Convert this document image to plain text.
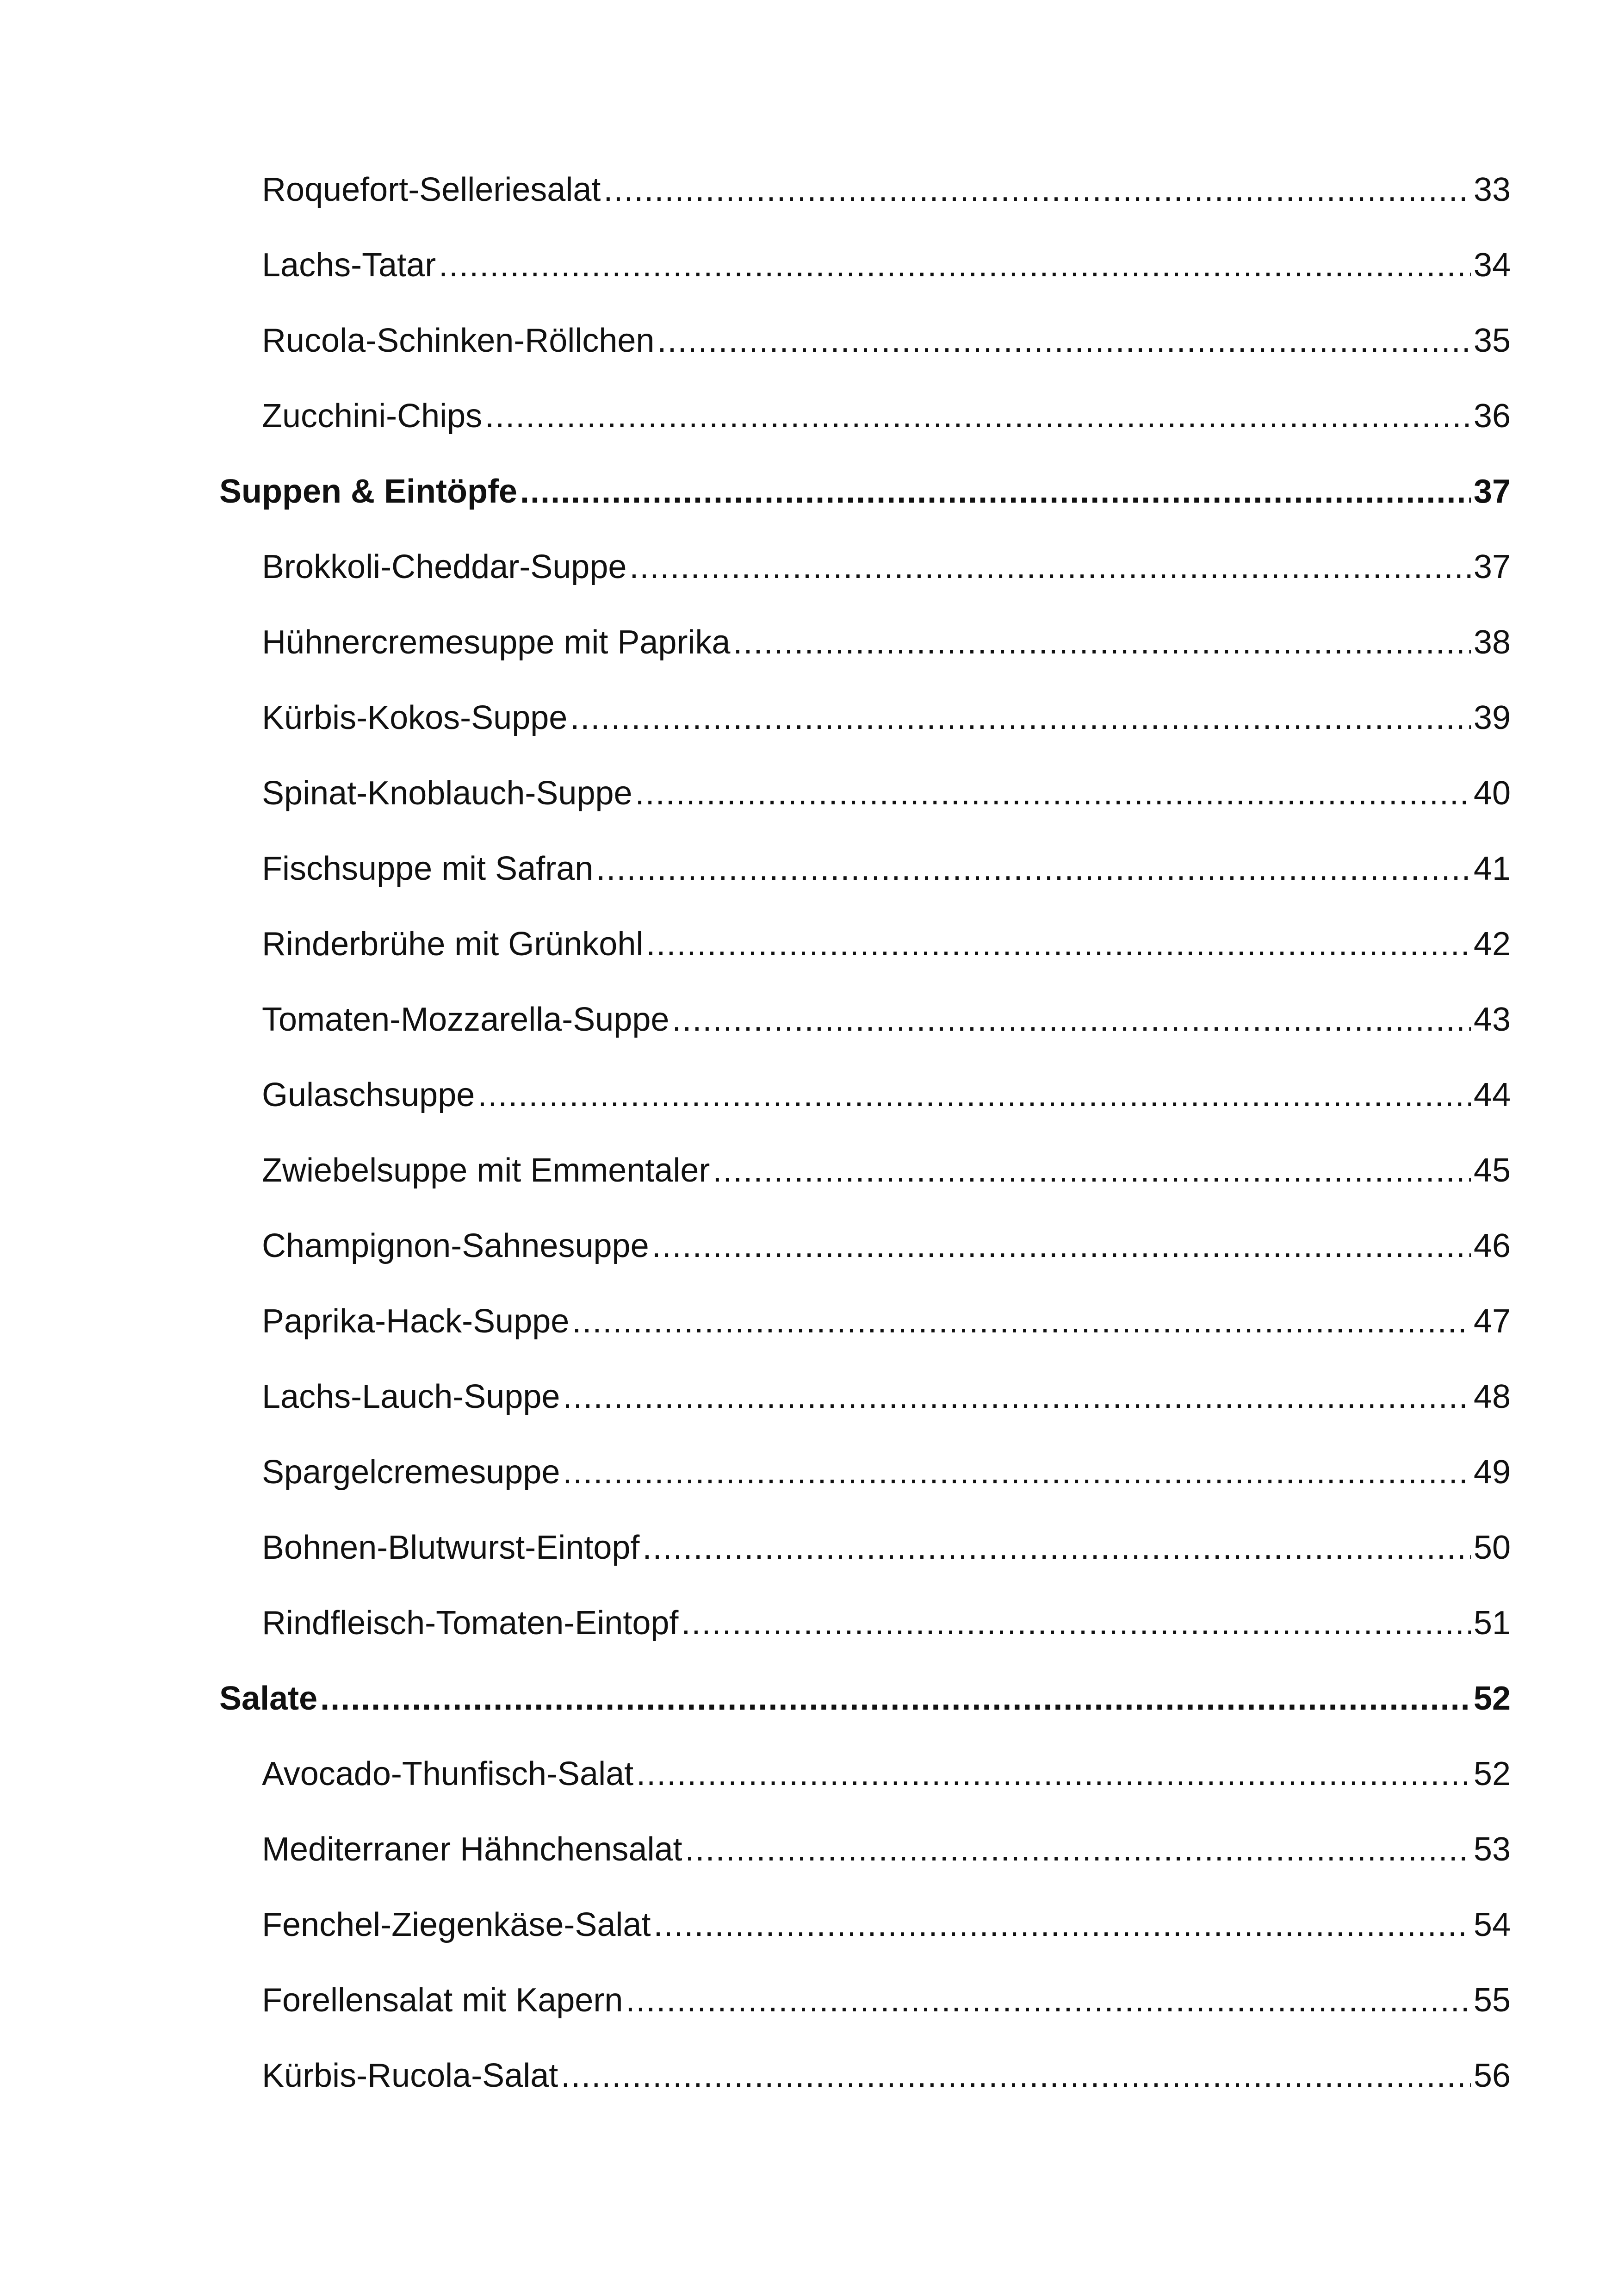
Roquefort-Selleriesalat .....	33
Lachs-Tatar .....	34
Rucola-Schinken-Röllchen .....	35
Zucchini-Chips .....	36
Suppen & Eintöpfe .....	37
Brokkoli-Cheddar-Suppe .....	37
Hühnercremesuppe mit Paprika .....	38
Kürbis-Kokos-Suppe .....	39
Spinat-Knoblauch-Suppe .....	40
Fischsuppe mit Safran .....	41
Rinderbrühe mit Grünkohl .....	42
Tomaten-Mozzarella-Suppe .....	43
Gulaschsuppe .....	44
Zwiebelsuppe mit Emmentaler .....	45
Champignon-Sahnesuppe .....	46
Paprika-Hack-Suppe .....	47
Lachs-Lauch-Suppe .....	48
Spargelcremesuppe .....	49
Bohnen-Blutwurst-Eintopf .....	50
Rindfleisch-Tomaten-Eintopf .....	51
Salate .....	52
Avocado-Thunfisch-Salat .....	52
Mediterraner Hähnchensalat .....	53
Fenchel-Ziegenkäse-Salat .....	54
Forellensalat mit Kapern .....	55
Kürbis-Rucola-Salat .....	56
